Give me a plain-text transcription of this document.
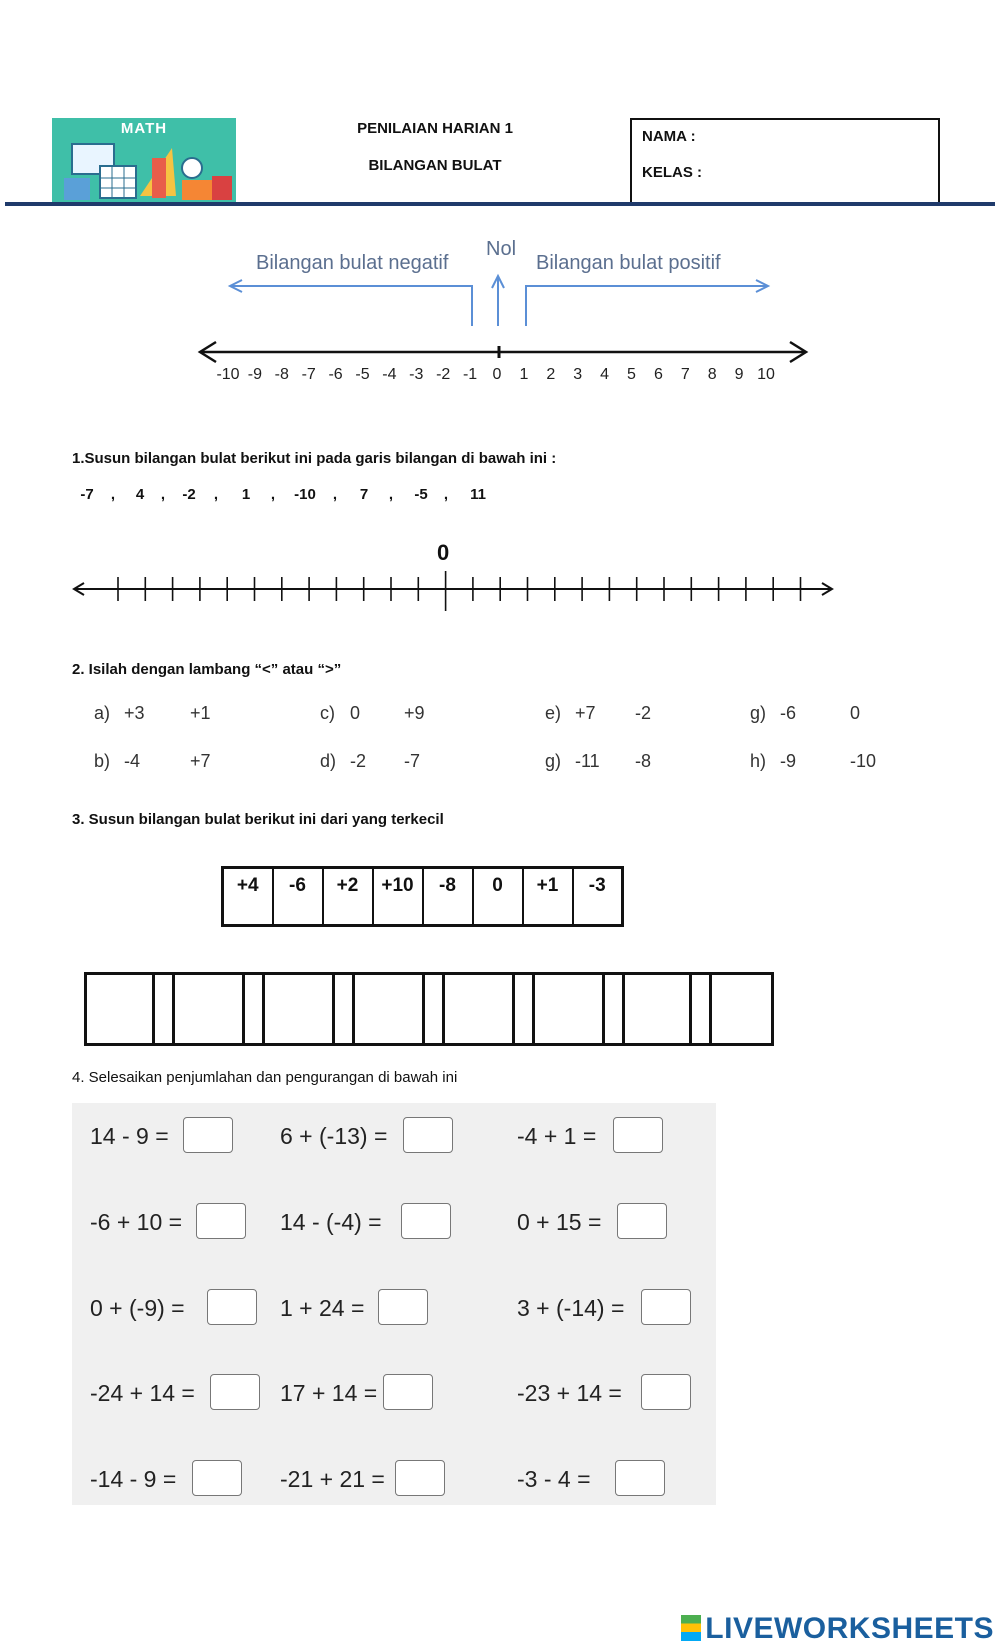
MATH	PENILAIAN HARIAN 1
BILANGAN BULAT
NAMA :
KELAS :
Bilangan bulat negatif
Nol
Bilangan bulat positif
-10 -9 -8 -7 -6 -5 -4 -3 -2 -1 0	1	2	3	4	5	6	7	8	9 10
1.Susun bilangan bulat berikut ini pada garis bilangan di bawah ini :
-7	,	4	,	-2	,	1	,	-10	,	7	,	-5	,	11
0
2. Isilah dengan lambang “<” atau “>”
a) +3	+1	c) 0 +9	e) +7 -2	g) -6	0
b) -4	+7	d) -2 -7	g) -11 -8	h) -9	-10
3. Susun bilangan bulat berikut ini dari yang terkecil
+4	-6	+2	+10	-8	0	+1	-3
4. Selesaikan penjumlahan dan pengurangan di bawah ini
14 - 9 =	6 + (-13) =	-4 + 1 =
-6 + 10 =	14 - (-4) =	0 + 15 =
0 + (-9) =	1 + 24 =	3 + (-14) =
-24 + 14 =	17 + 14 =	-23 + 14 =
-14 - 9 =	-21 + 21 =	-3 - 4 =
LIVEWORKSHEETS
